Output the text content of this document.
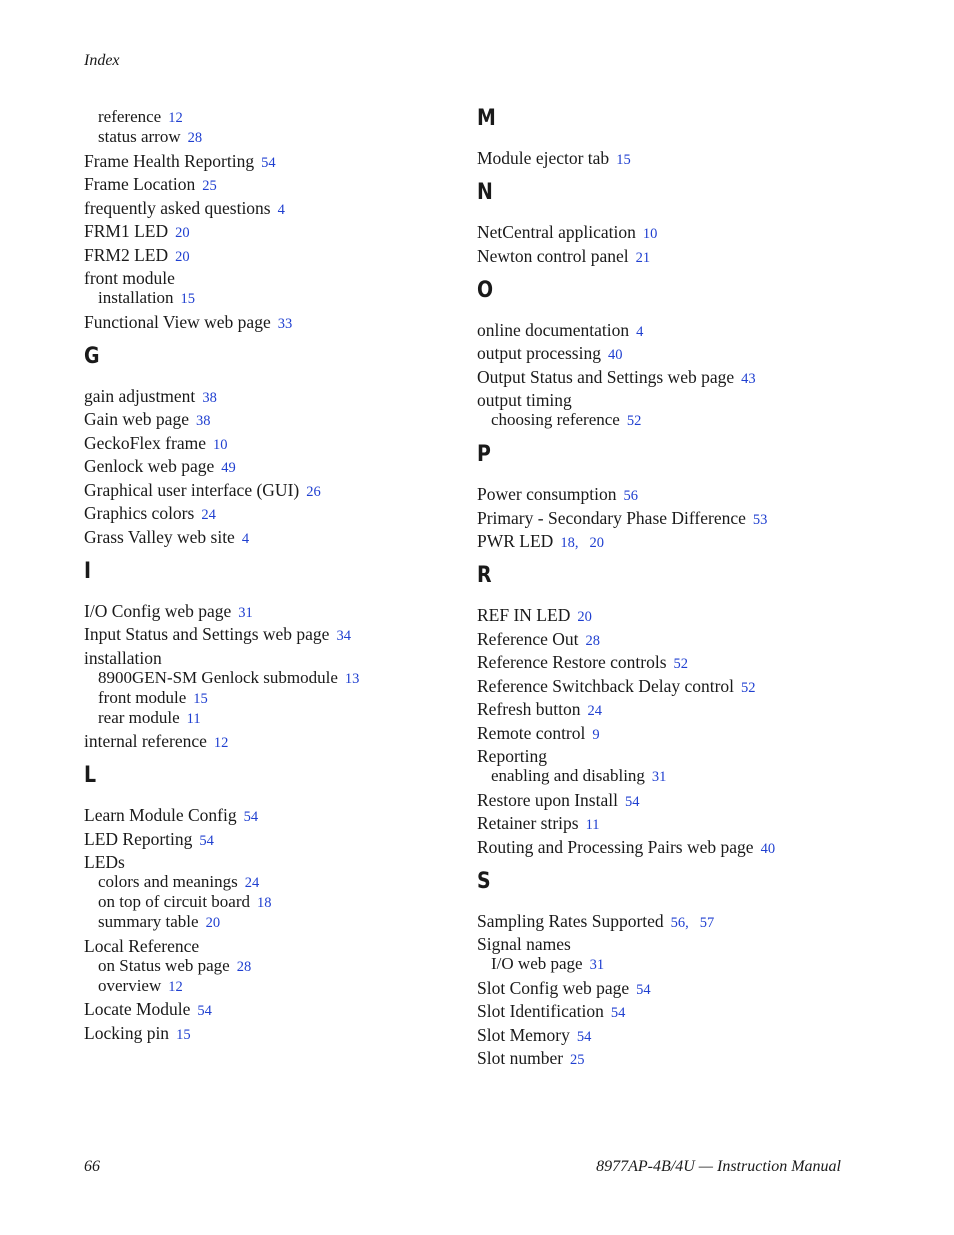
Index
reference 12
status arrow 28
Frame Health Reporting 54
Frame Location 25
frequently asked questions 4
FRM1 LED 20
FRM2 LED 20
front module
installation 15
Functional View web page 33
G
gain adjustment 38
Gain web page 38
GeckoFlex frame 10
Genlock web page 49
Graphical user interface (GUI) 26
Graphics colors 24
Grass Valley web site 4
I
I/O Config web page 31
Input Status and Settings web page 34
installation
8900GEN-SM Genlock submodule 13
front module 15
rear module 11
internal reference 12
L
Learn Module Config 54
LED Reporting 54
LEDs
colors and meanings 24
on top of circuit board 18
summary table 20
Local Reference
on Status web page 28
overview 12
Locate Module 54
Locking pin 15
M
Module ejector tab 15
N
NetCentral application 10
Newton control panel 21
O
online documentation 4
output processing 40
Output Status and Settings web page 43
output timing
choosing reference 52
P
Power consumption 56
Primary - Secondary Phase Difference 53
PWR LED 18, 20
R
REF IN LED 20
Reference Out 28
Reference Restore controls 52
Reference Switchback Delay control 52
Refresh button 24
Remote control 9
Reporting
enabling and disabling 31
Restore upon Install 54
Retainer strips 11
Routing and Processing Pairs web page 40
S
Sampling Rates Supported 56, 57
Signal names
I/O web page 31
Slot Config web page 54
Slot Identification 54
Slot Memory 54
Slot number 25
66	8977AP-4B/4U — Instruction Manual
